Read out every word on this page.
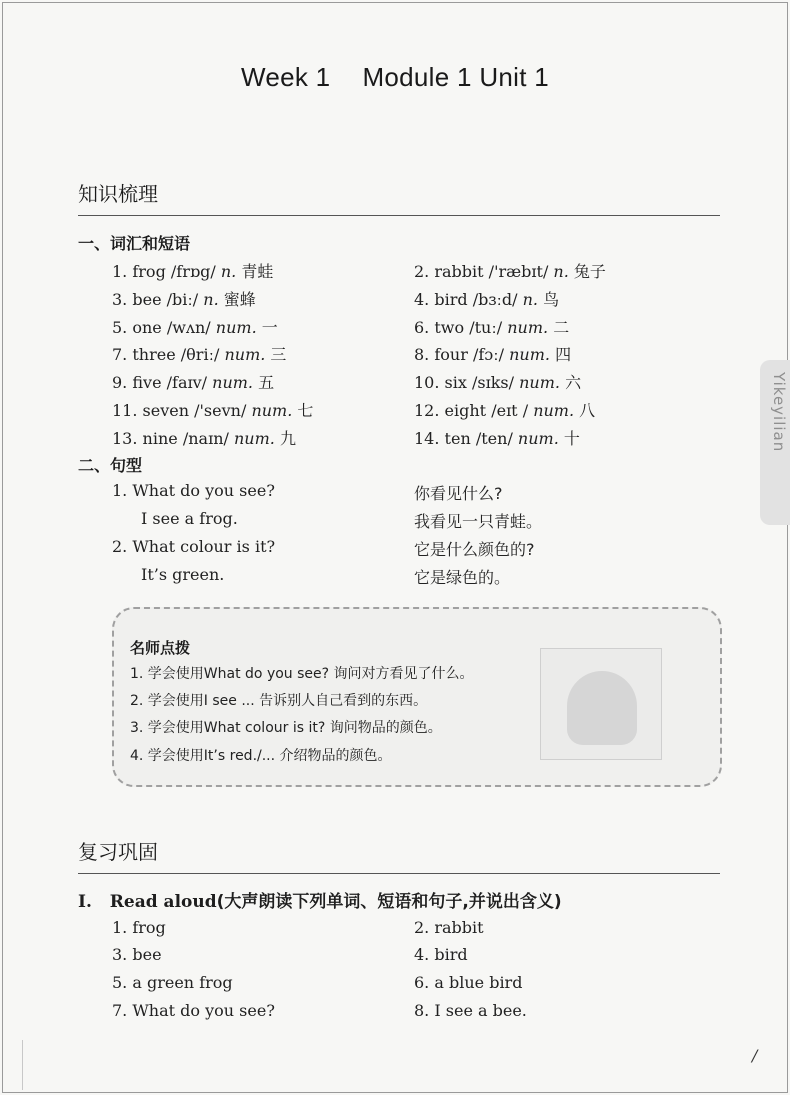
Week 1 Module 1 Unit 1
知识梳理
一、词汇和短语
1. frog /frɒg/ n. 青蛙	2. rabbit /'ræbɪt/ n. 兔子
3. bee /biː/ n. 蜜蜂	4. bird /bɜːd/ n. 鸟
5. one /wʌn/ num. 一	6. two /tuː/ num. 二
7. three /θriː/ num. 三	8. four /fɔː/ num. 四
9. five /faɪv/ num. 五	10. six /sɪks/ num. 六
11. seven /'sevn/ num. 七	12. eight /eɪt / num. 八
13. nine /naɪn/ num. 九	14. ten /ten/ num. 十
二、句型
1. What do you see?	你看见什么?
I see a frog.	我看见一只青蛙。
2. What colour is it?	它是什么颜色的?
It’s green.	它是绿色的。
名师点拨
1. 学会使用What do you see? 询问对方看见了什么。
2. 学会使用I see ... 告诉别人自己看到的东西。
3. 学会使用What colour is it? 询问物品的颜色。
4. 学会使用It’s red./... 介绍物品的颜色。
复习巩固
I. Read aloud(大声朗读下列单词、短语和句子,并说出含义)
1. frog	2. rabbit
3. bee	4. bird
5. a green frog	6. a blue bird
7. What do you see?	8. I see a bee.
Yikeyilian
/
